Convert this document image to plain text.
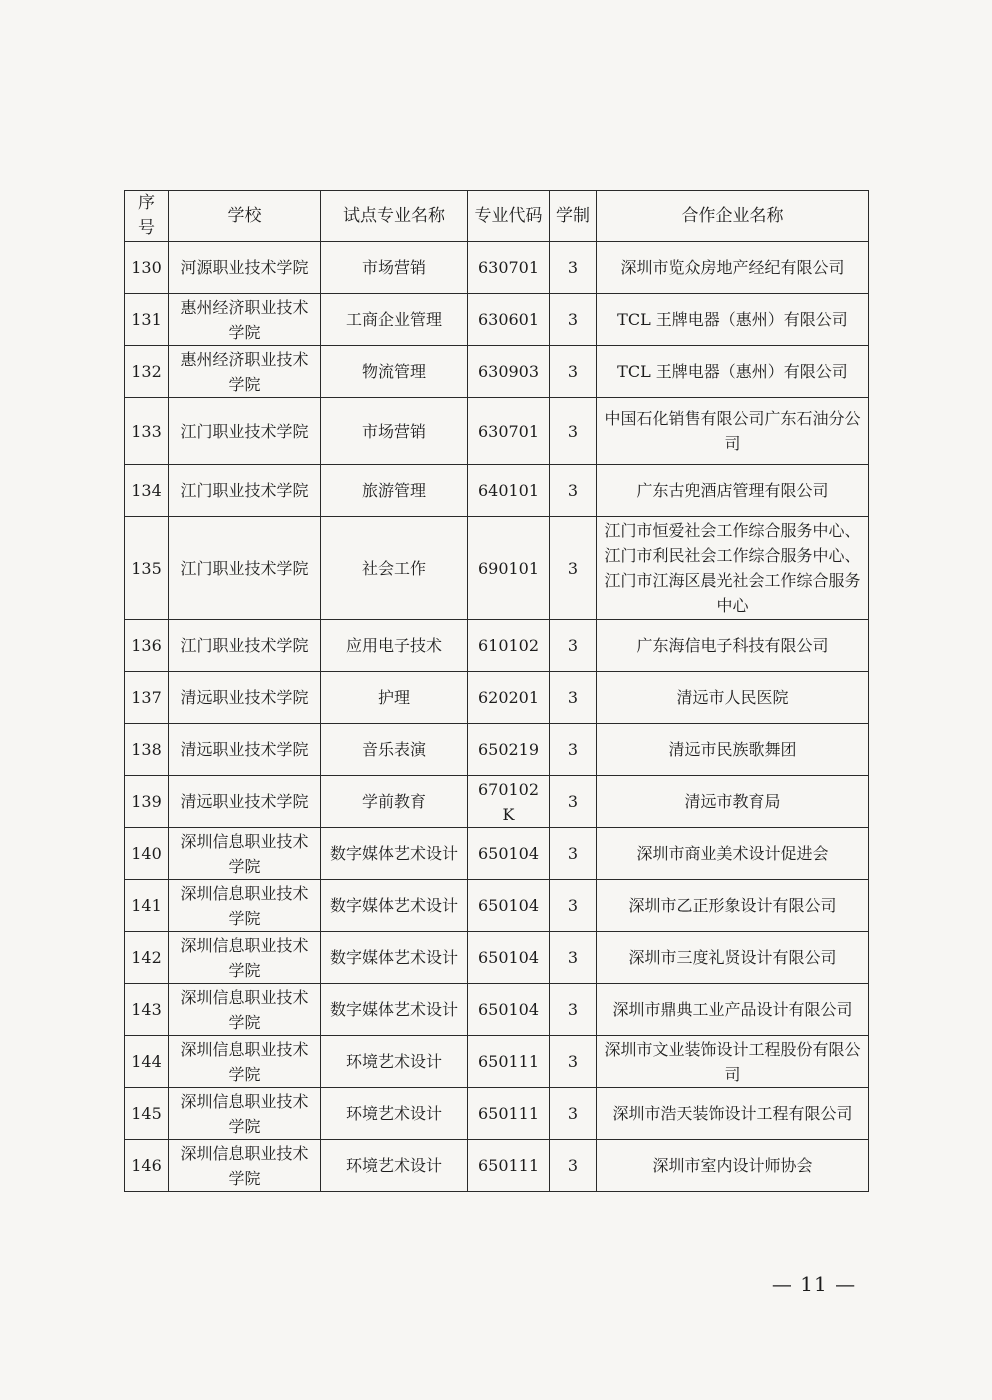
序号	学校	试点专业名称	专业代码	学制	合作企业名称
130	河源职业技术学院	市场营销	630701	3	深圳市览众房地产经纪有限公司
131	惠州经济职业技术学院	工商企业管理	630601	3	TCL 王牌电器（惠州）有限公司
132	惠州经济职业技术学院	物流管理	630903	3	TCL 王牌电器（惠州）有限公司
133	江门职业技术学院	市场营销	630701	3	中国石化销售有限公司广东石油分公司
134	江门职业技术学院	旅游管理	640101	3	广东古兜酒店管理有限公司
135	江门职业技术学院	社会工作	690101	3	江门市恒爱社会工作综合服务中心、江门市利民社会工作综合服务中心、江门市江海区晨光社会工作综合服务中心
136	江门职业技术学院	应用电子技术	610102	3	广东海信电子科技有限公司
137	清远职业技术学院	护理	620201	3	清远市人民医院
138	清远职业技术学院	音乐表演	650219	3	清远市民族歌舞团
139	清远职业技术学院	学前教育	670102K	3	清远市教育局
140	深圳信息职业技术学院	数字媒体艺术设计	650104	3	深圳市商业美术设计促进会
141	深圳信息职业技术学院	数字媒体艺术设计	650104	3	深圳市乙正形象设计有限公司
142	深圳信息职业技术学院	数字媒体艺术设计	650104	3	深圳市三度礼贤设计有限公司
143	深圳信息职业技术学院	数字媒体艺术设计	650104	3	深圳市鼎典工业产品设计有限公司
144	深圳信息职业技术学院	环境艺术设计	650111	3	深圳市文业装饰设计工程股份有限公司
145	深圳信息职业技术学院	环境艺术设计	650111	3	深圳市浩天装饰设计工程有限公司
146	深圳信息职业技术学院	环境艺术设计	650111	3	深圳市室内设计师协会
— 11 —
